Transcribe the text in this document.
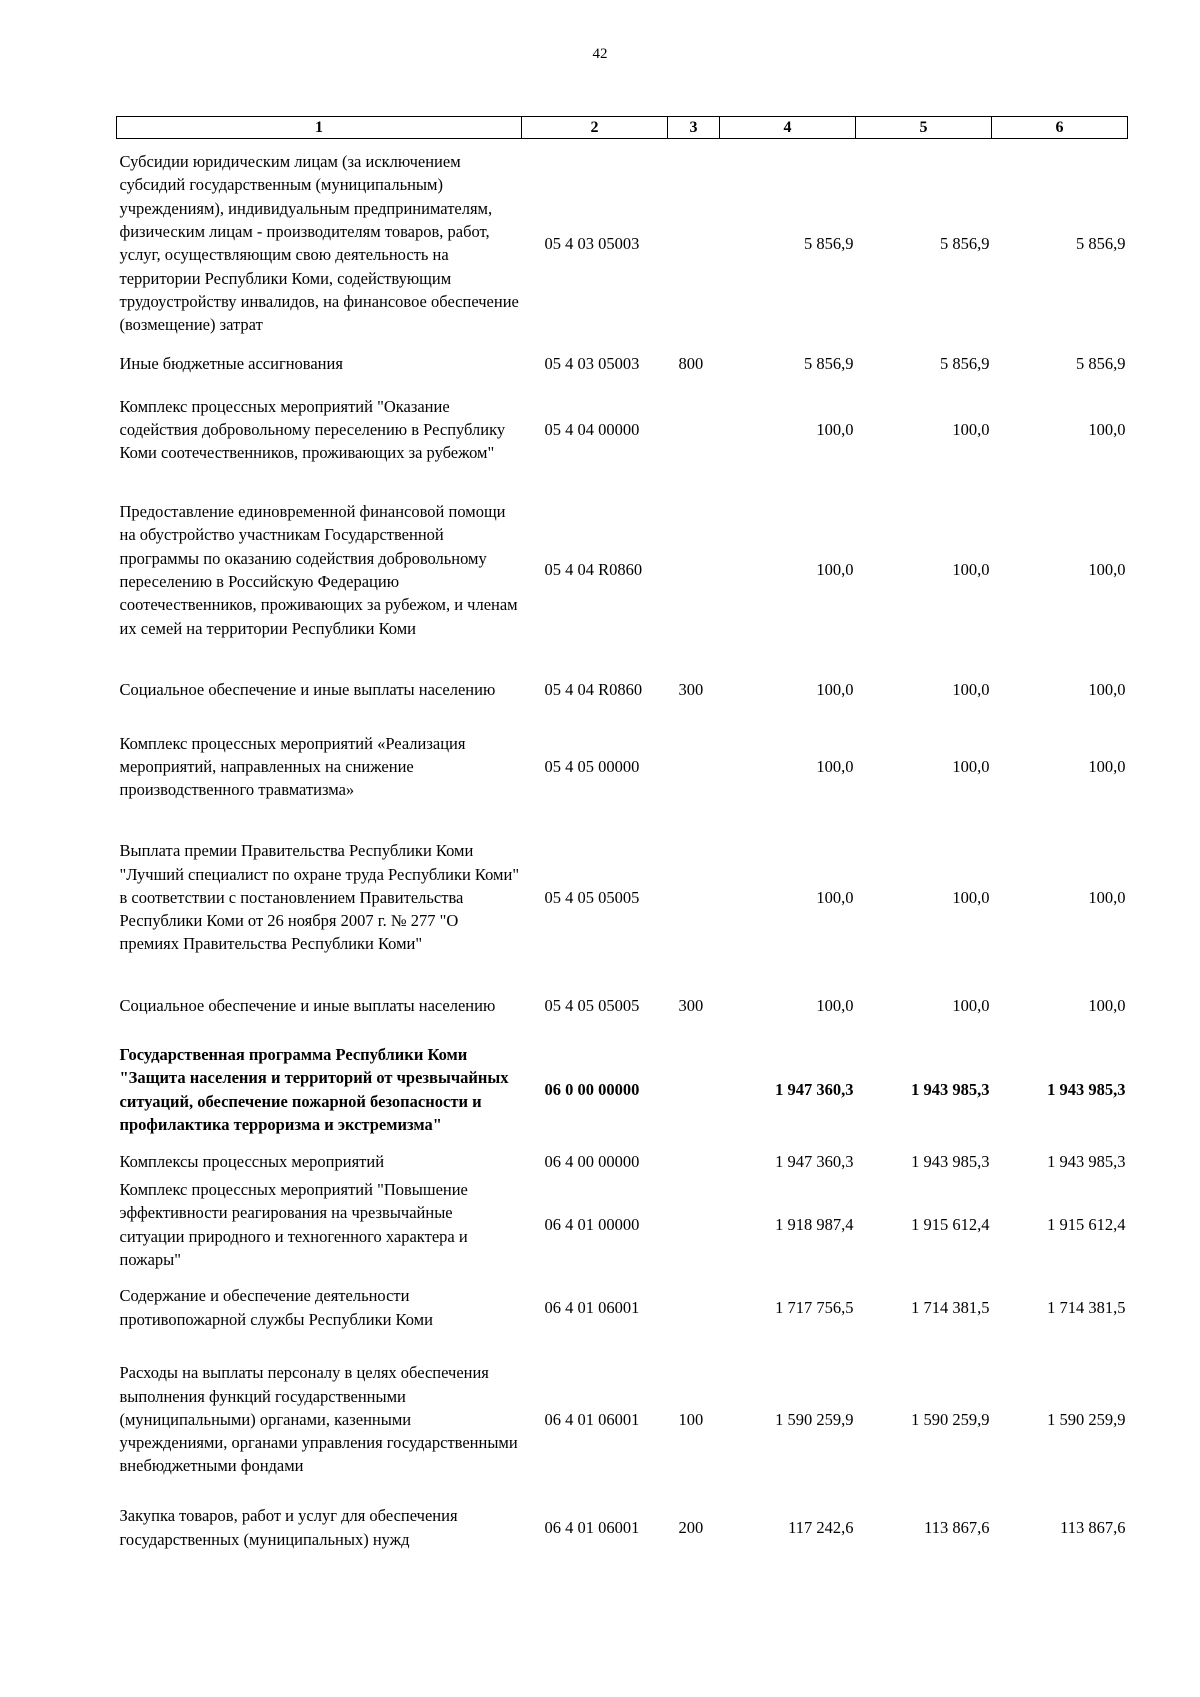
42
1	2	3	4	5	6
Субсидии юридическим лицам (за исключением субсидий государственным (муниципальным) учреждениям), индивидуальным предпринимателям, физическим лицам - производителям товаров, работ, услуг, осуществляющим свою деятельность на территории Республики Коми, содействующим трудоустройству инвалидов, на финансовое обеспечение (возмещение) затрат	05 4 03 05003		5 856,9	5 856,9	5 856,9
Иные бюджетные ассигнования	05 4 03 05003	800	5 856,9	5 856,9	5 856,9
Комплекс процессных мероприятий "Оказание содействия добровольному переселению в Республику Коми соотечественников, проживающих за рубежом"	05 4 04 00000		100,0	100,0	100,0
Предоставление единовременной финансовой помощи на обустройство участникам Государственной программы по оказанию содействия добровольному переселению в Российскую Федерацию соотечественников, проживающих за рубежом, и членам их семей на территории Республики Коми	05 4 04 R0860		100,0	100,0	100,0
Социальное обеспечение и иные выплаты населению	05 4 04 R0860	300	100,0	100,0	100,0
Комплекс процессных мероприятий «Реализация мероприятий, направленных на снижение производственного травматизма»	05 4 05 00000		100,0	100,0	100,0
Выплата премии Правительства Республики Коми "Лучший специалист по охране труда Республики Коми" в соответствии с постановлением Правительства Республики Коми от 26 ноября 2007 г. № 277 "О премиях Правительства Республики Коми"	05 4 05 05005		100,0	100,0	100,0
Социальное обеспечение и иные выплаты населению	05 4 05 05005	300	100,0	100,0	100,0
Государственная программа Республики Коми "Защита населения и территорий от чрезвычайных ситуаций, обеспечение пожарной безопасности и профилактика терроризма и экстремизма"	06 0 00 00000		1 947 360,3	1 943 985,3	1 943 985,3
Комплексы процессных мероприятий	06 4 00 00000		1 947 360,3	1 943 985,3	1 943 985,3
Комплекс процессных мероприятий "Повышение эффективности реагирования на чрезвычайные ситуации природного и техногенного характера и пожары"	06 4 01 00000		1 918 987,4	1 915 612,4	1 915 612,4
Содержание и обеспечение деятельности противопожарной службы Республики Коми	06 4 01 06001		1 717 756,5	1 714 381,5	1 714 381,5
Расходы на выплаты персоналу в целях обеспечения выполнения функций государственными (муниципальными) органами, казенными учреждениями, органами управления государственными внебюджетными фондами	06 4 01 06001	100	1 590 259,9	1 590 259,9	1 590 259,9
Закупка товаров, работ и услуг для обеспечения государственных (муниципальных) нужд	06 4 01 06001	200	117 242,6	113 867,6	113 867,6
